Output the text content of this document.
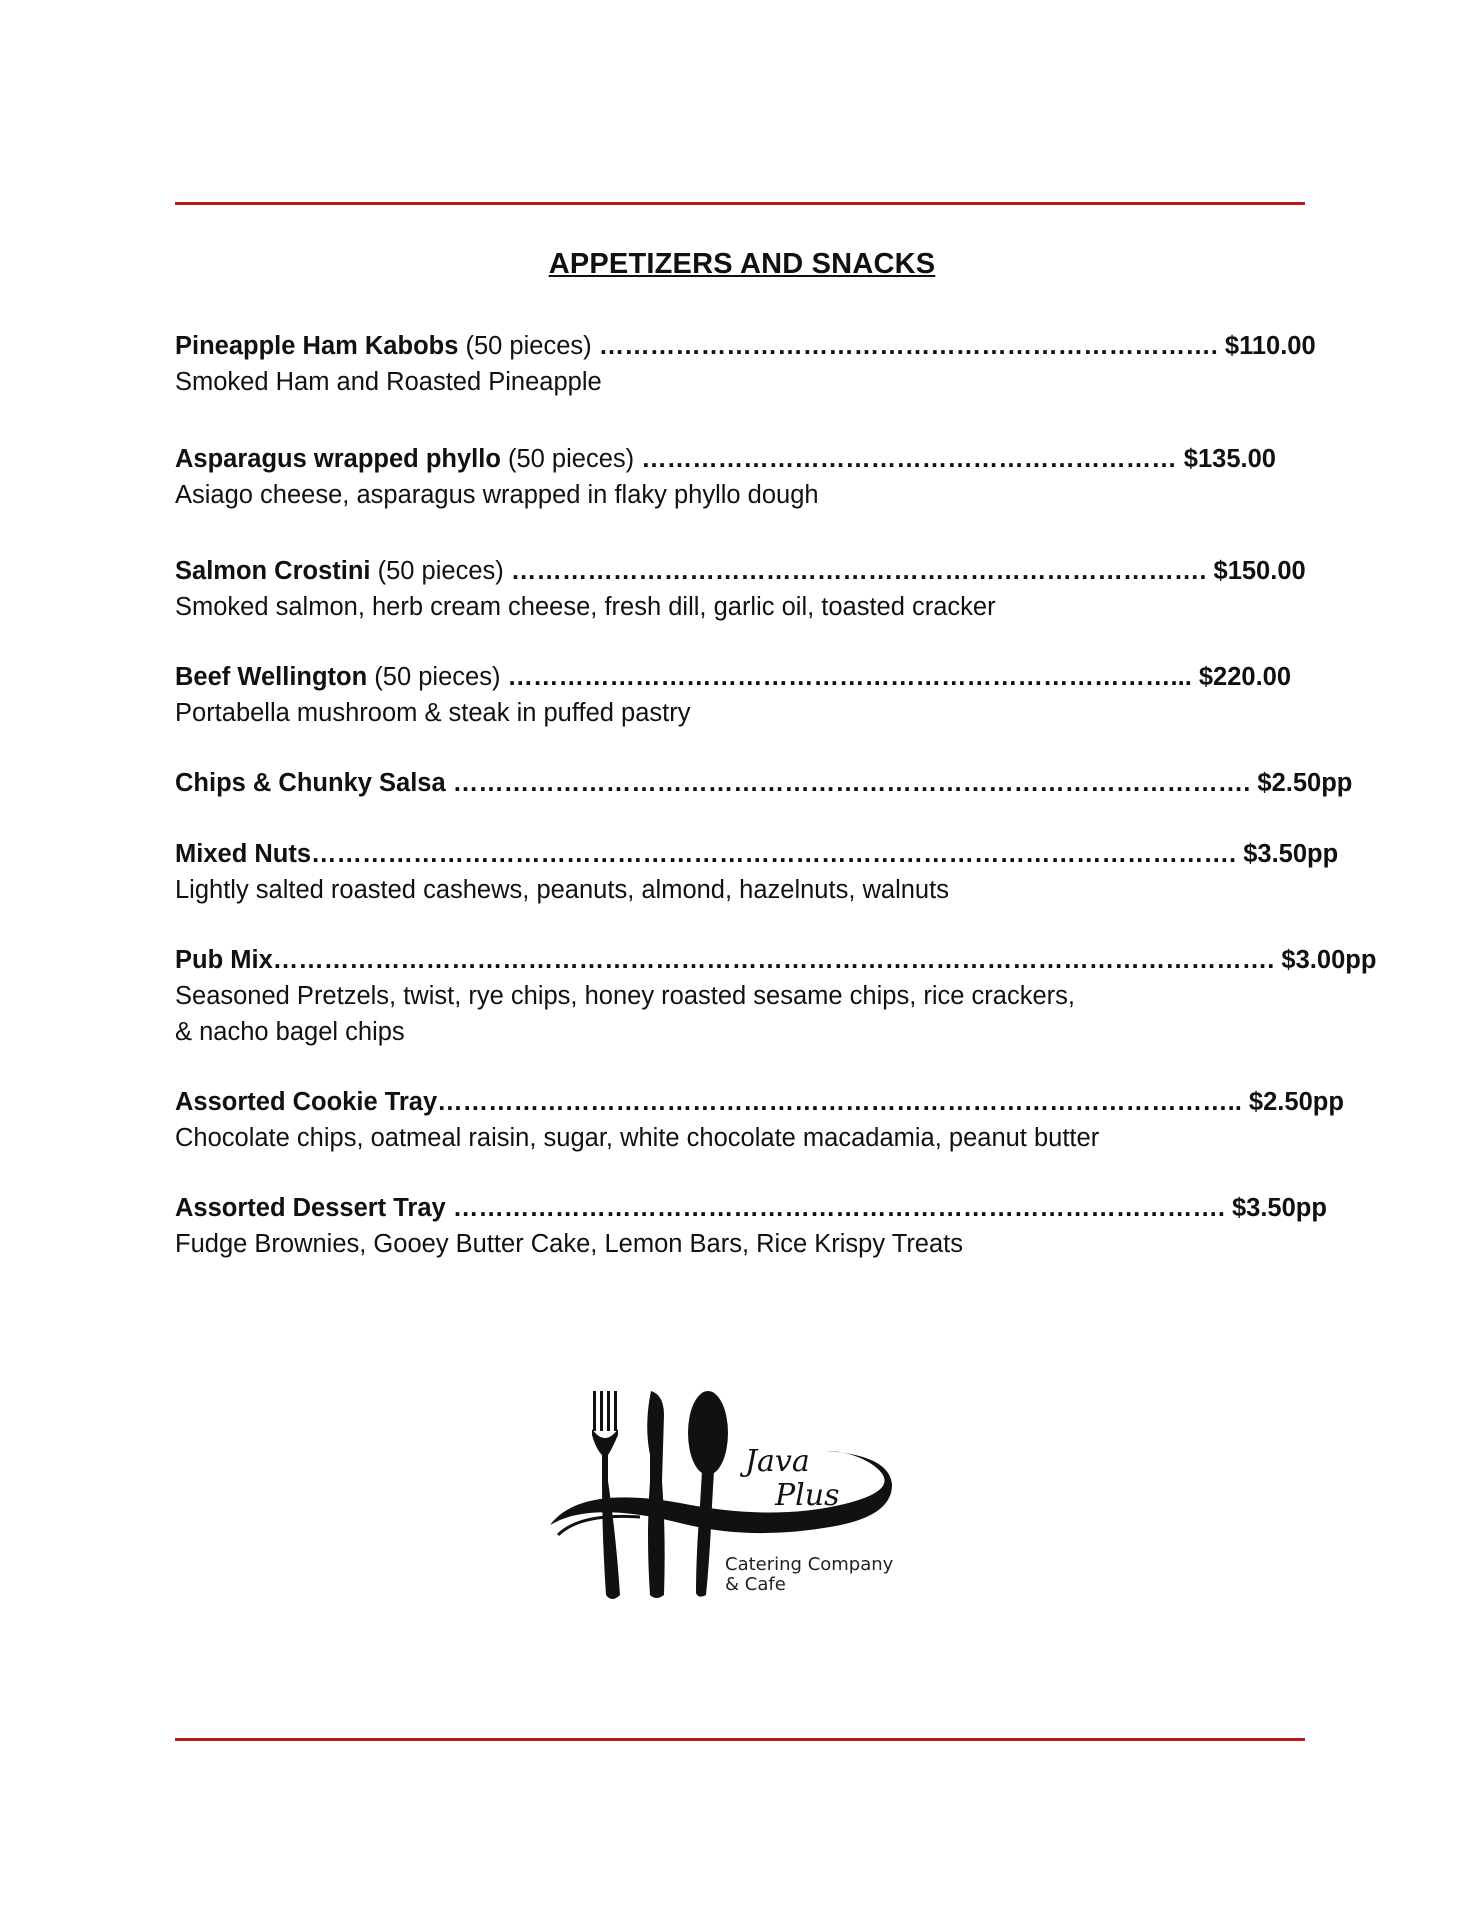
APPETIZERS AND SNACKS
Pineapple Ham Kabobs (50 pieces) ………………………………………………………………. $110.00
Smoked Ham and Roasted Pineapple
Asparagus wrapped phyllo (50 pieces) ……………………………………………………… $135.00
Asiago cheese, asparagus wrapped in flaky phyllo dough
Salmon Crostini (50 pieces) ………………………………………………………………………. $150.00
Smoked salmon, herb cream cheese, fresh dill, garlic oil, toasted cracker
Beef Wellington (50 pieces) ……………………………………………………………………... $220.00
Portabella mushroom & steak in puffed pastry
Chips & Chunky Salsa …………………………………………………………………………………. $2.50pp
Mixed Nuts………………………………………………………………………………………………. $3.50pp
Lightly salted roasted cashews, peanuts, almond, hazelnuts, walnuts
Pub Mix………………………………………………………………………………………………………. $3.00pp
Seasoned Pretzels, twist, rye chips, honey roasted sesame chips, rice crackers,
& nacho bagel chips
Assorted Cookie Tray………………………………………………………………………………….. $2.50pp
Chocolate chips, oatmeal raisin, sugar, white chocolate macadamia, peanut butter
Assorted Dessert Tray ………………………………………………………………………………. $3.50pp
Fudge Brownies, Gooey Butter Cake, Lemon Bars, Rice Krispy Treats
Java
Plus
Catering Company
& Cafe
